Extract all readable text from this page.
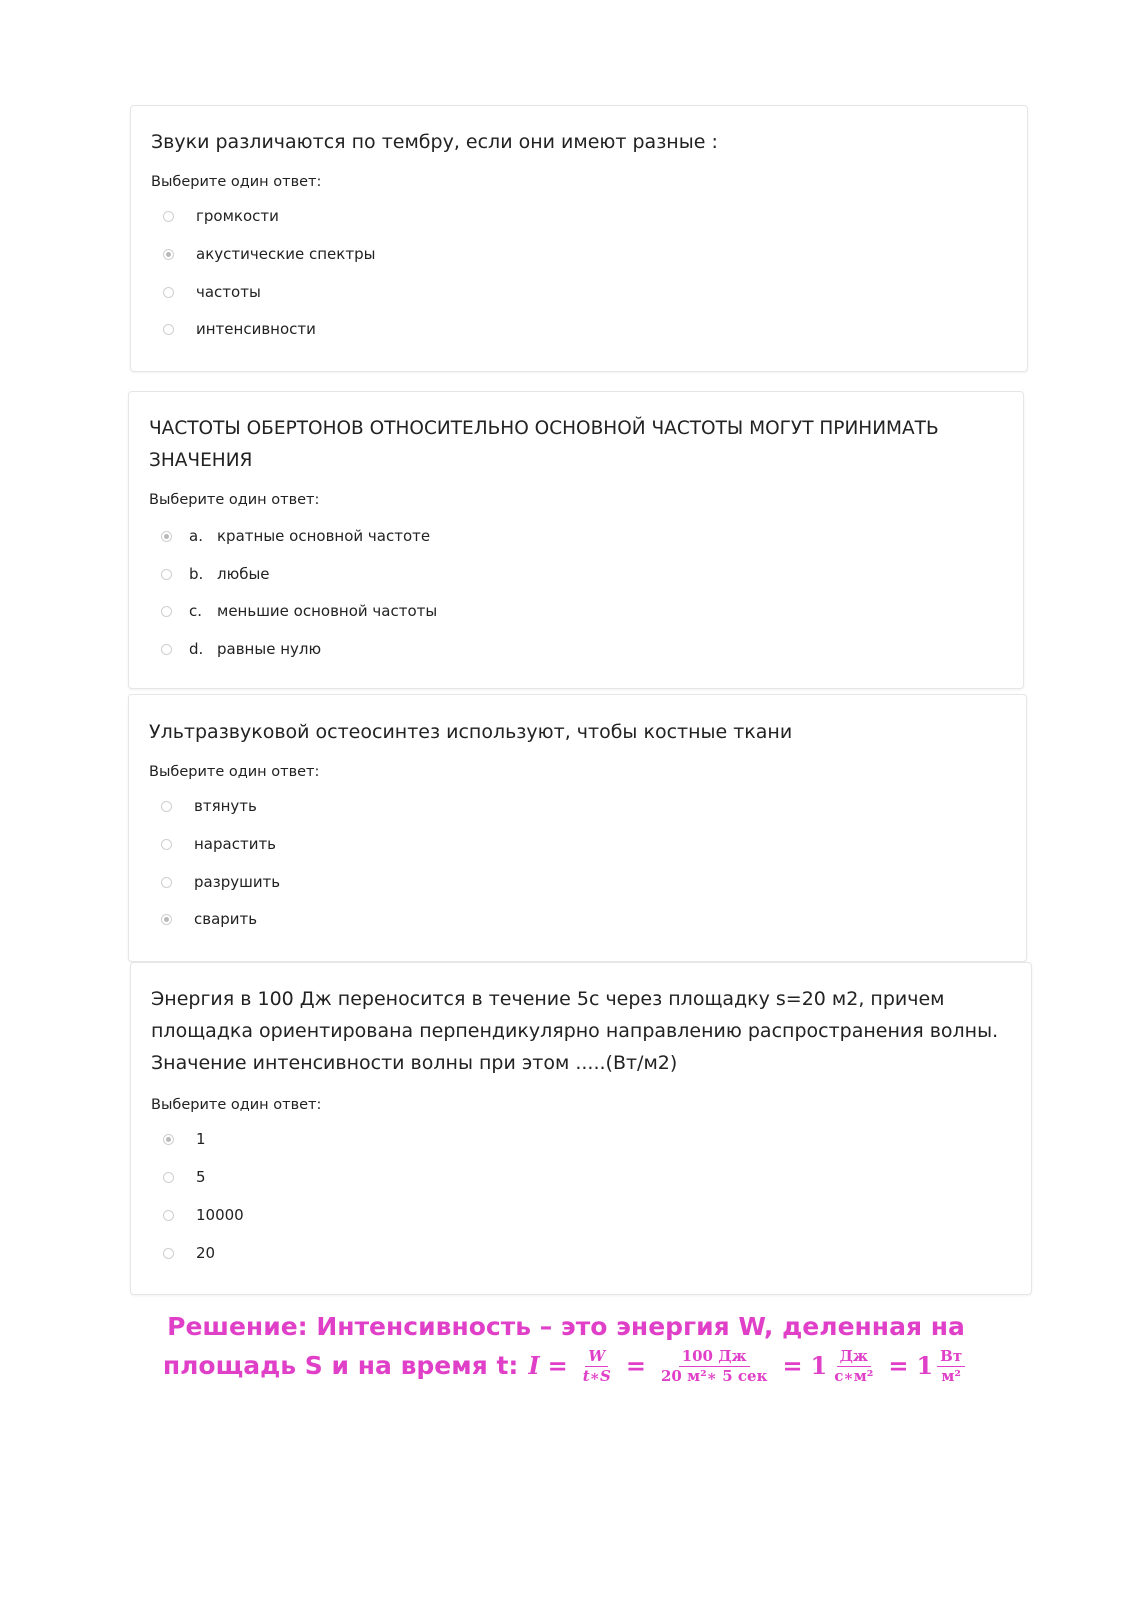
Звуки различаются по тембру, если они имеют разные :
Выберите один ответ:
громкости
акустические спектры
частоты
интенсивности
ЧАСТОТЫ ОБЕРТОНОВ ОТНОСИТЕЛЬНО ОСНОВНОЙ ЧАСТОТЫ МОГУТ ПРИНИМАТЬ ЗНАЧЕНИЯ
Выберите один ответ:
a. кратные основной частоте
b. любые
c. меньшие основной частоты
d. равные нулю
Ультразвуковой остеосинтез используют, чтобы костные ткани
Выберите один ответ:
втянуть
нарастить
разрушить
сварить
Энергия в 100 Дж переносится в течение 5с через площадку s=20 м2, причем площадка ориентирована перпендикулярно направлению распространения волны. Значение интенсивности волны при этом .....(Вт/м2)
Выберите один ответ:
1
5
10000
20
Решение: Интенсивность – это энергия W, деленная на
площадь S и на время t: $I = \frac{W}{t∗S} = \frac{100 Дж}{\text{20 м²∗ 5 сек}} = 1 \frac{Дж}{\text{с∗м²}} = 1 \frac{Вт}{\text{м²}}$
